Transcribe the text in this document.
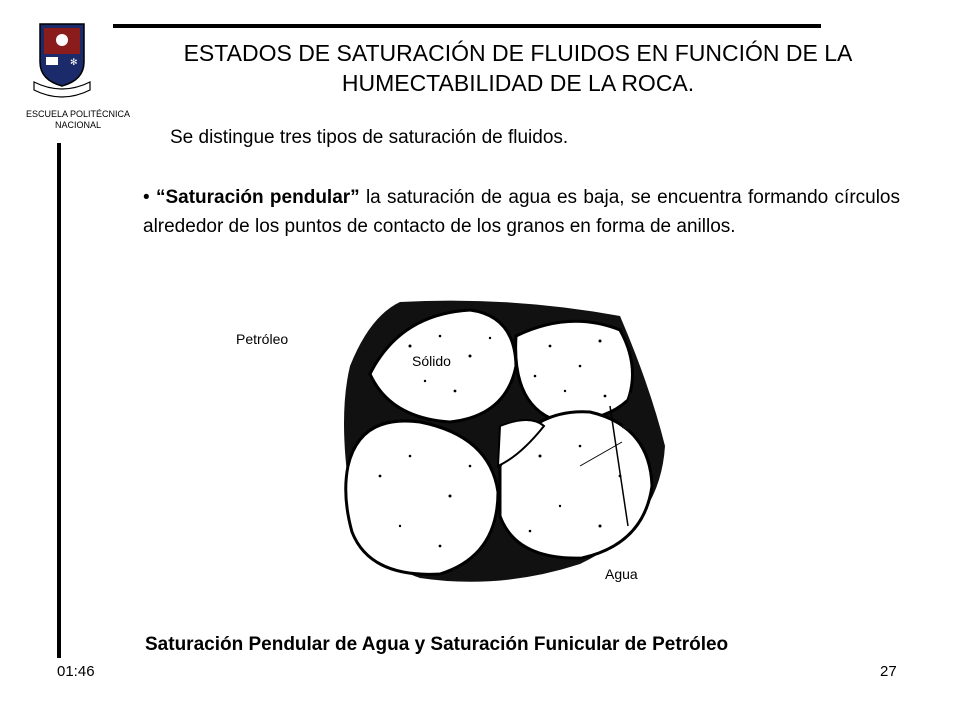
✻
ESCUELA POLITÉCNICA NACIONAL
ESTADOS DE SATURACIÓN DE FLUIDOS EN FUNCIÓN DE LA HUMECTABILIDAD DE LA ROCA.
Se distingue tres tipos de saturación de fluidos.
• “Saturación pendular” la saturación de agua es baja, se encuentra formando círculos alrededor de los puntos de contacto de los granos en forma de anillos.
Petróleo
Sólido
Agua
Saturación Pendular de Agua y Saturación Funicular de Petróleo
01:46	27
